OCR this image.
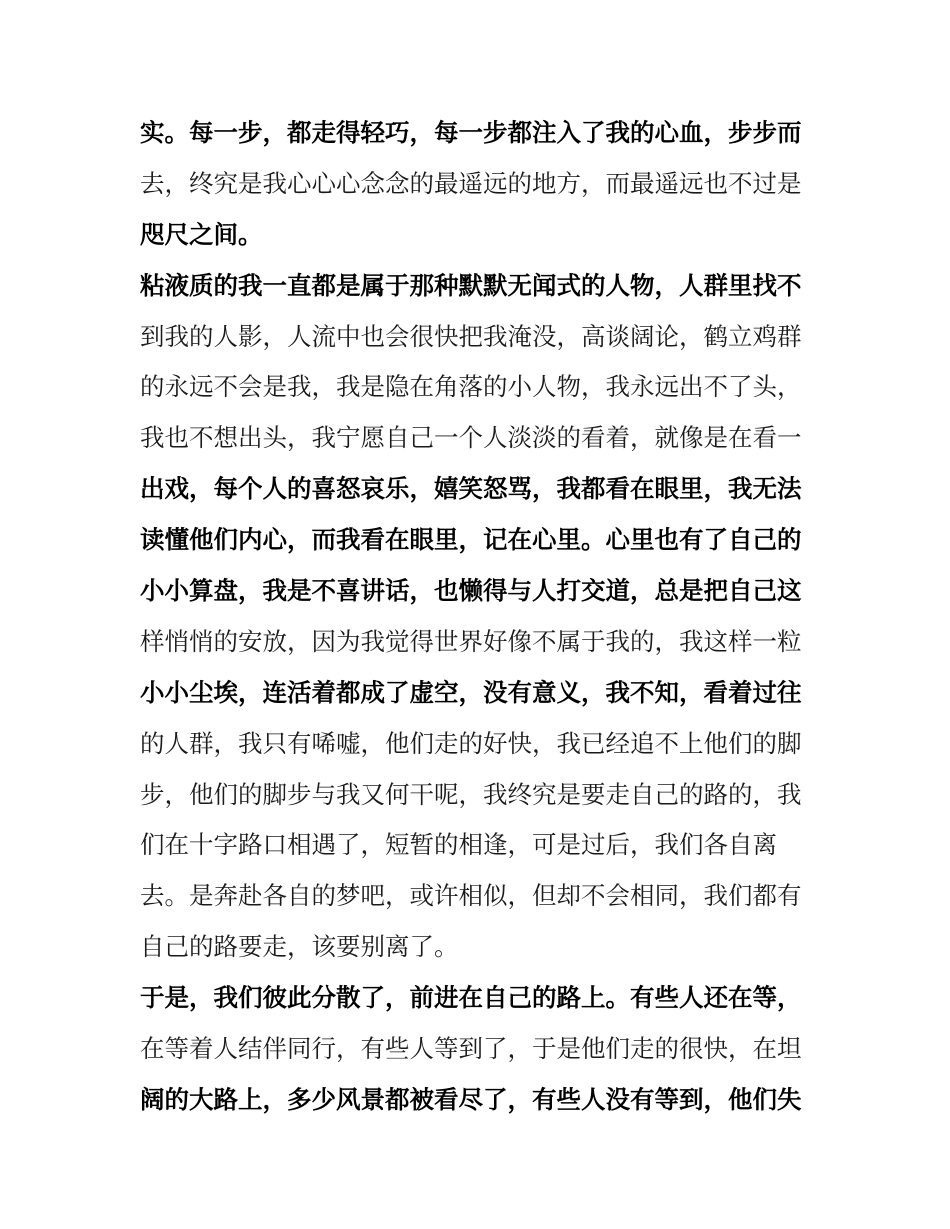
实。每一步，都走得轻巧，每一步都注入了我的心血，步步而
去，终究是我心心心念念的最遥远的地方，而最遥远也不过是
咫尺之间。
粘液质的我一直都是属于那种默默无闻式的人物，人群里找不
到我的人影，人流中也会很快把我淹没，高谈阔论，鹤立鸡群
的永远不会是我，我是隐在角落的小人物，我永远出不了头，
我也不想出头，我宁愿自己一个人淡淡的看着，就像是在看一
出戏，每个人的喜怒哀乐，嬉笑怒骂，我都看在眼里，我无法
读懂他们内心，而我看在眼里，记在心里。心里也有了自己的
小小算盘，我是不喜讲话，也懒得与人打交道，总是把自己这
样悄悄的安放，因为我觉得世界好像不属于我的，我这样一粒
小小尘埃，连活着都成了虚空，没有意义，我不知，看着过往
的人群，我只有唏嘘，他们走的好快，我已经追不上他们的脚
步，他们的脚步与我又何干呢，我终究是要走自己的路的，我
们在十字路口相遇了，短暂的相逢，可是过后，我们各自离
去。是奔赴各自的梦吧，或许相似，但却不会相同，我们都有
自己的路要走，该要别离了。
于是，我们彼此分散了，前进在自己的路上。有些人还在等，
在等着人结伴同行，有些人等到了，于是他们走的很快，在坦
阔的大路上，多少风景都被看尽了，有些人没有等到，他们失
